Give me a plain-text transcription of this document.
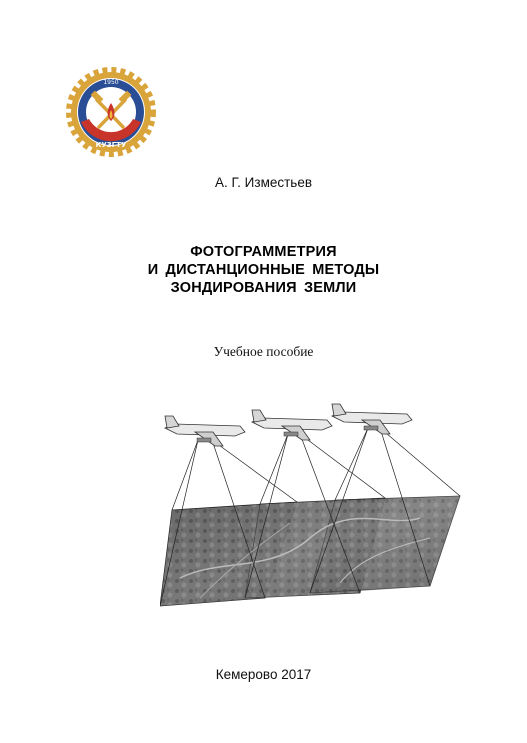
1950
КУЗГТУ
А. Г. Изместьев
ФОТОГРАММЕТРИЯ
И ДИСТАНЦИОННЫЕ МЕТОДЫ
ЗОНДИРОВАНИЯ ЗЕМЛИ
Учебное пособие
Кемерово 2017
